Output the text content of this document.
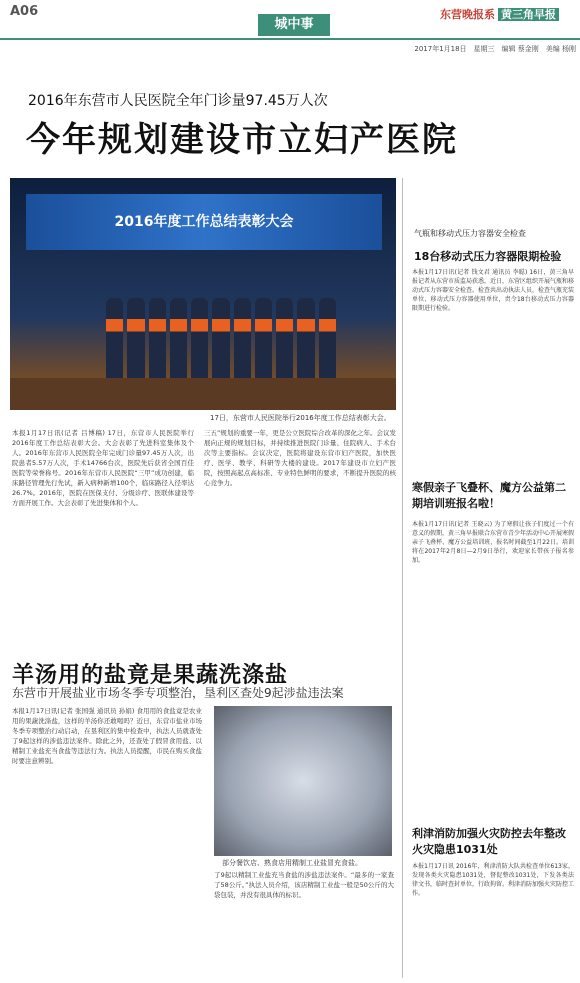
A06
城中事
东营晚报系 黄三角早报
2017年1月18日　星期三　编辑 蔡金刚　美编 杨刚
2016年东营市人民医院全年门诊量97.45万人次
今年规划建设市立妇产医院
2016年度工作总结表彰大会
17日，东营市人民医院举行2016年度工作总结表彰大会。
本报1月17日讯(记者 吕博稿) 17日，东营市人民医院举行2016年度工作总结表彰大会。大会表彰了先进科室集体及个人。2016年东营市人民医院全年完成门诊量97.45万人次，出院患者5.57万人次，手术14766台次，医院先后获省全国百佳医院等荣誉称号。2016年东营市人民医院“三甲”成功创建，临床路径管理先行先试，新入病种新增100个，临床路径入径率达26.7%。2016年，医院在医保支付、分级诊疗、医联体建设等方面开展工作。大会表彰了先进集体和个人。
三五”规划的重要一年，更是公立医院综合改革的深化之年。会议发展向正规的规划目标，并持续推进医院门诊量、住院病人、手术台次等主要指标。会议决定，医院将建设东营市妇产医院，加快医疗、医学、教学、科研等大楼的建设。2017年建设市立妇产医院，按照高起点高标准、专业特色鲜明的要求，不断提升医院的核心竞争力。
羊汤用的盐竟是果蔬洗涤盐
东营市开展盐业市场冬季专项整治，垦利区查处9起涉盐违法案
本报1月17日讯(记者 张国强 通讯员 孙娟) 食用用的食盐竟是农业用的果蔬洗涤盐，这样的羊汤你还敢喝吗？近日，东营市盐业市场冬季专项整治行动启动，在垦利区的集中检查中，执法人员就查处了9起这样的涉盐违法案件。除此之外，还查处了假冒食用盐、以精制工业盐充当食盐等违法行为。执法人员提醒，市民在购买食盐时要注意辨别。
部分餐饮店、熟食店用精制工业盐冒充食盐。
了9起以精制工业盐充当食盐的涉盐违法案件。“最多的一家查了58公斤。”执法人员介绍，该店精制工业盐一般是50公斤的大袋包装，并没有很具体的标识。
气瓶和移动式压力容器安全检查
18台移动式压力容器限期检验
本报1月17日讯(记者 钱文君 通讯员 李聪) 16日，黄三角早报记者从东营市质监局获悉，近日，东营区组织开展气瓶和移动式压力容器安全检查。检查共出动执法人员，检查气瓶充装单位、移动式压力容器使用单位，责令18台移动式压力容器限期进行检验。
寒假亲子飞叠杯、魔方公益第二期培训班报名啦！
本报1月17日讯(记者 王晓云) 为了寒假让孩子们度过一个有意义的假期，黄三角早报联合东营市青少年活动中心开展寒假亲子飞叠杯、魔方公益培训班，报名时间截至1月22日。培训将在2017年2月8日—2月9日举行，欢迎家长带孩子报名参加。
利津消防加强火灾防控去年整改火灾隐患1031处
本报1月17日讯 2016年，利津消防大队共检查单位613家，发现各类火灾隐患1031处，督促整改1031处，下发各类法律文书，临时查封单位，行政拘留。利津消防加强火灾防控工作。
